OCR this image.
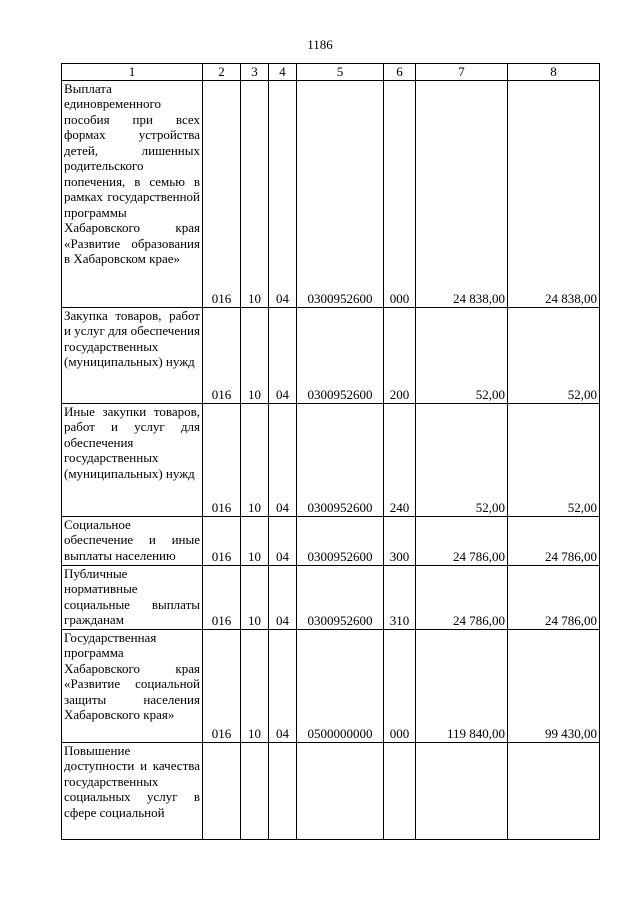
1186
1	2	3	4	5	6	7	8
Выплата единовременного пособия при всех формах устройства детей, лишенных родительского попечения, в семью в рамках государственной программы Хабаровского края «Развитие образования в Хабаровском крае»	016	10	04	0300952600	000	24 838,00	24 838,00
Закупка товаров, работ и услуг для обеспечения государственных (муниципальных) нужд	016	10	04	0300952600	200	52,00	52,00
Иные закупки товаров, работ и услуг для обеспечения государственных (муниципальных) нужд	016	10	04	0300952600	240	52,00	52,00
Социальное обеспечение и иные выплаты населению	016	10	04	0300952600	300	24 786,00	24 786,00
Публичные нормативные социальные выплаты гражданам	016	10	04	0300952600	310	24 786,00	24 786,00
Государственная программа Хабаровского края «Развитие социальной защиты населения Хабаровского края»	016	10	04	0500000000	000	119 840,00	99 430,00
Повышение доступности и качества государственных социальных услуг в сфере социальной							
